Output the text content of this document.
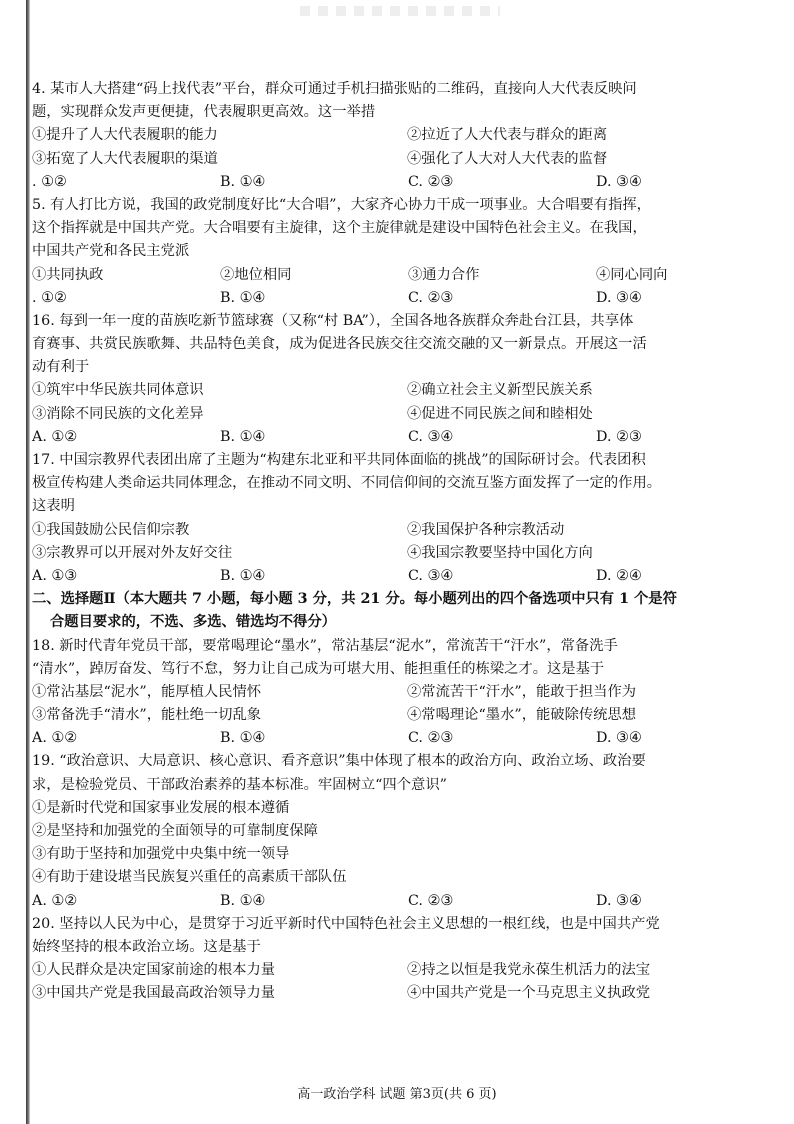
4. 某市人大搭建“码上找代表”平台，群众可通过手机扫描张贴的二维码，直接向人大代表反映问
题，实现群众发声更便捷，代表履职更高效。这一举措
①提升了人大代表履职的能力	②拉近了人大代表与群众的距离
③拓宽了人大代表履职的渠道	④强化了人大对人大代表的监督
. ①②	B. ①④	C. ②③	D. ③④
5. 有人打比方说，我国的政党制度好比“大合唱”，大家齐心协力干成一项事业。大合唱要有指挥，
这个指挥就是中国共产党。大合唱要有主旋律，这个主旋律就是建设中国特色社会主义。在我国，
中国共产党和各民主党派
①共同执政	②地位相同	③通力合作	④同心同向
. ①②	B. ①④	C. ②③	D. ③④
16. 每到一年一度的苗族吃新节篮球赛（又称“村 BA”），全国各地各族群众奔赴台江县，共享体
育赛事、共赏民族歌舞、共品特色美食，成为促进各民族交往交流交融的又一新景点。开展这一活
动有利于
①筑牢中华民族共同体意识	②确立社会主义新型民族关系
③消除不同民族的文化差异	④促进不同民族之间和睦相处
A. ①②	B. ①④	C. ③④	D. ②③
17. 中国宗教界代表团出席了主题为“构建东北亚和平共同体面临的挑战”的国际研讨会。代表团积
极宣传构建人类命运共同体理念，在推动不同文明、不同信仰间的交流互鉴方面发挥了一定的作用。
这表明
①我国鼓励公民信仰宗教	②我国保护各种宗教活动
③宗教界可以开展对外友好交往	④我国宗教要坚持中国化方向
A. ①③	B. ①④	C. ③④	D. ②④
二、选择题Ⅱ（本大题共 7 小题，每小题 3 分，共 21 分。每小题列出的四个备选项中只有 1 个是符
合题目要求的，不选、多选、错选均不得分）
18. 新时代青年党员干部，要常喝理论“墨水”，常沾基层“泥水”，常流苦干“汗水”，常备洗手
“清水”，踔厉奋发、笃行不怠，努力让自己成为可堪大用、能担重任的栋梁之才。这是基于
①常沾基层“泥水”，能厚植人民情怀	②常流苦干“汗水”，能敢于担当作为
③常备洗手“清水”，能杜绝一切乱象	④常喝理论“墨水”，能破除传统思想
A. ①②	B. ①④	C. ②③	D. ③④
19. “政治意识、大局意识、核心意识、看齐意识”集中体现了根本的政治方向、政治立场、政治要
求，是检验党员、干部政治素养的基本标准。牢固树立“四个意识”
①是新时代党和国家事业发展的根本遵循
②是坚持和加强党的全面领导的可靠制度保障
③有助于坚持和加强党中央集中统一领导
④有助于建设堪当民族复兴重任的高素质干部队伍
A. ①②	B. ①④	C. ②③	D. ③④
20. 坚持以人民为中心，是贯穿于习近平新时代中国特色社会主义思想的一根红线，也是中国共产党
始终坚持的根本政治立场。这是基于
①人民群众是决定国家前途的根本力量	②持之以恒是我党永葆生机活力的法宝
③中国共产党是我国最高政治领导力量	④中国共产党是一个马克思主义执政党
高一政治学科 试题 第3页(共 6 页)
